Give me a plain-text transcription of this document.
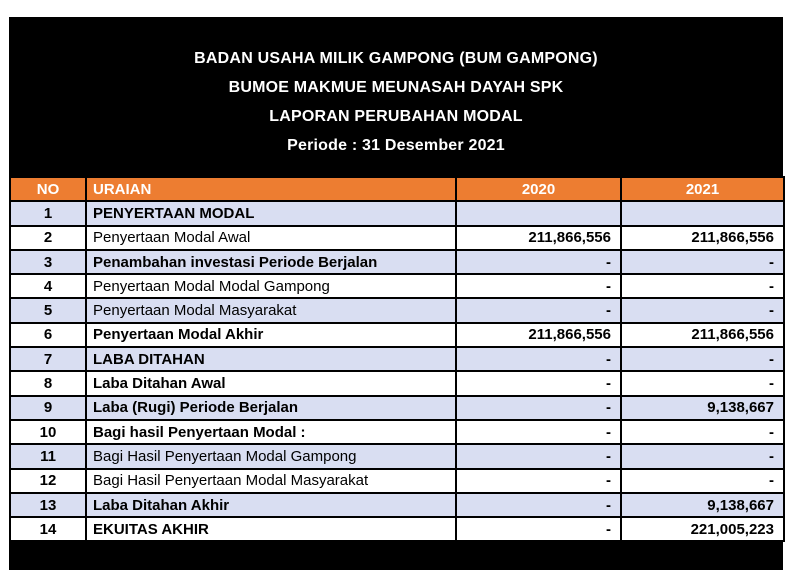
BADAN USAHA MILIK GAMPONG (BUM GAMPONG)
BUMOE MAKMUE MEUNASAH DAYAH SPK
LAPORAN PERUBAHAN MODAL
Periode : 31 Desember 2021
NO	URAIAN	2020	2021
1	PENYERTAAN MODAL		
2	Penyertaan Modal Awal	211,866,556	211,866,556
3	Penambahan investasi Periode Berjalan	-	-
4	Penyertaan Modal Modal Gampong	-	-
5	Penyertaan Modal Masyarakat	-	-
6	Penyertaan Modal Akhir	211,866,556	211,866,556
7	LABA DITAHAN	-	-
8	Laba Ditahan Awal	-	-
9	Laba (Rugi) Periode Berjalan	-	9,138,667
10	Bagi hasil Penyertaan Modal :	-	-
11	Bagi Hasil Penyertaan Modal Gampong	-	-
12	Bagi Hasil Penyertaan Modal Masyarakat	-	-
13	Laba Ditahan Akhir	-	9,138,667
14	EKUITAS AKHIR	-	221,005,223
